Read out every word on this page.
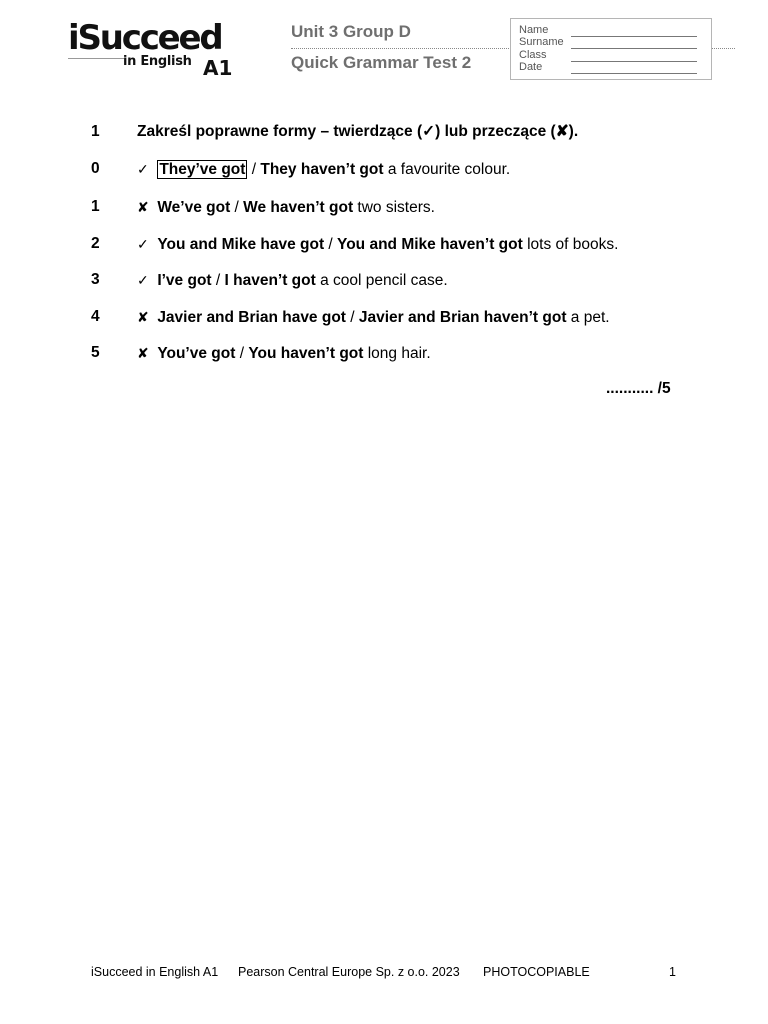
iSucceed
in English A1
Unit 3 Group D
Quick Grammar Test 2
Name
Surname
Class
Date
1 Zakreśl poprawne formy – twierdzące (✓) lub przeczące (✘).
0	✓ They’ve got / They haven’t got a favourite colour.
1	✘ We’ve got / We haven’t got two sisters.
2	✓ You and Mike have got / You and Mike haven’t got lots of books.
3	✓ I’ve got / I haven’t got a cool pencil case.
4	✘ Javier and Brian have got / Javier and Brian haven’t got a pet.
5	✘ You’ve got / You haven’t got long hair.
........... /5
iSucceed in English A1 Pearson Central Europe Sp. z o.o. 2023 PHOTOCOPIABLE	1
